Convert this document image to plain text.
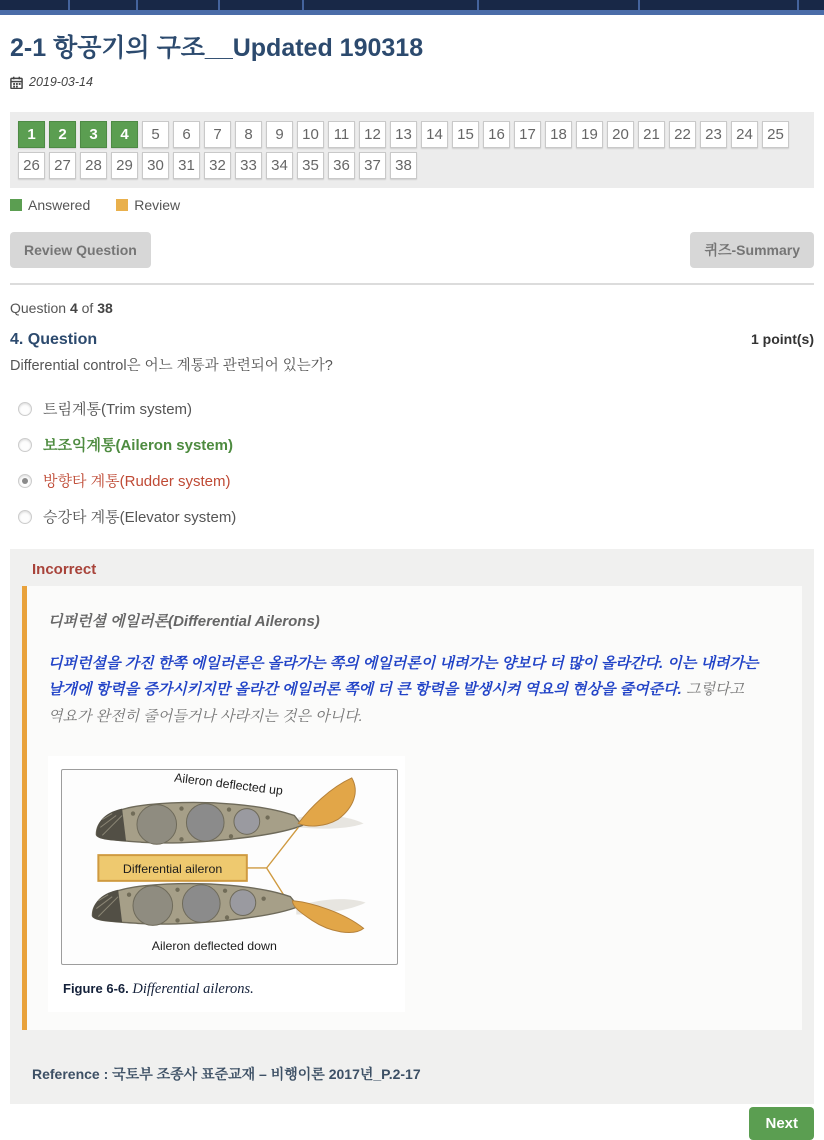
2-1 항공기의 구조__Updated 190318
2019-03-14
1	2	3	4	5	6	7	8	9	10 11 12 13 14 15 16 17 18 19 20 21 22 23 24 25
26 27 28 29 30 31 32 33 34 35 36 37 38
Answered	Review
Review Question	퀴즈-Summary
Question 4 of 38
4. Question	1 point(s)
Differential control은 어느 계통과 관련되어 있는가?
트림계통(Trim system)
보조익계통(Aileron system)
방향타 계통(Rudder system)
승강타 계통(Elevator system)
Incorrect

디퍼런셜 에일러론(Differential Ailerons)

디퍼런셜을 가진 한쪽 에일러론은 올라가는 쪽의 에일러론이 내려가는 양보다 더 많이 올라간다. 이는 내려가는 날개에 항력을 증가시키지만 올라간 에일러론 쪽에 더 큰 항력을 발생시켜 역요의 현상을 줄여준다. 그렇다고 역요가 완전히 줄어들거나 사라지는 것은 아니다.

Aileron deflected up
Differential aileron
Aileron deflected down
Figure 6-6. Differential ailerons.

Reference : 국토부 조종사 표준교재 – 비행이론 2017년_P.2-17

Next
